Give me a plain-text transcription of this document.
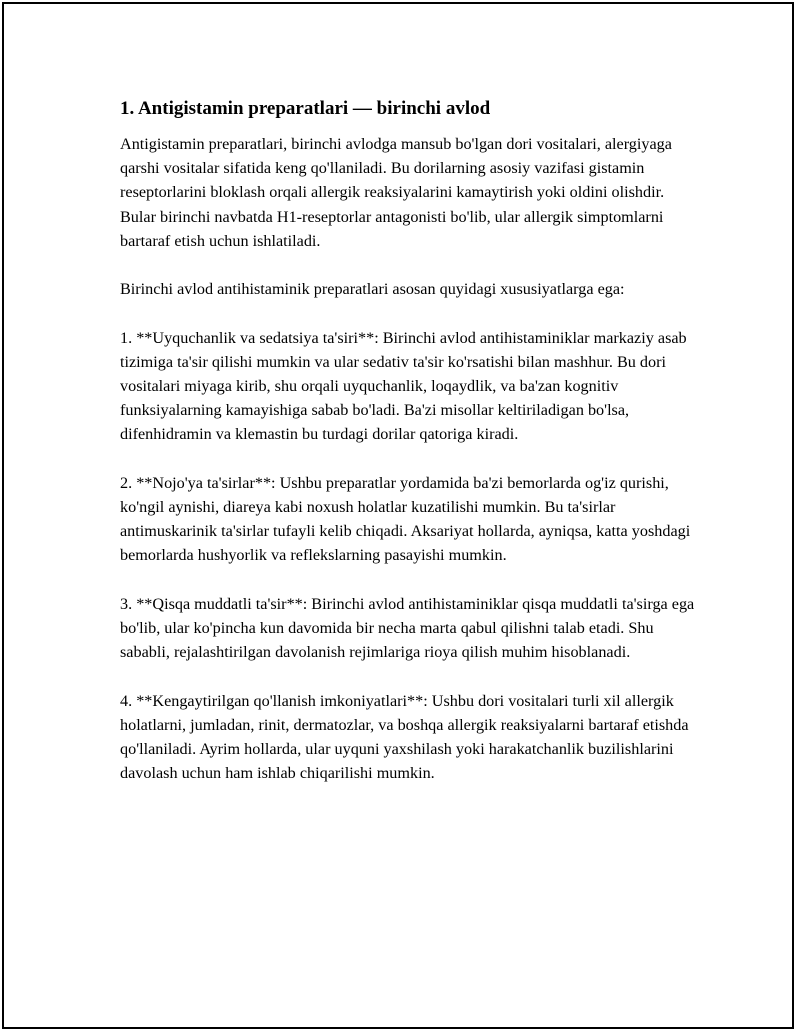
1. Antigistamin preparatlari — birinchi avlod

Antigistamin preparatlari, birinchi avlodga mansub bo'lgan dori vositalari, alergiyaga qarshi vositalar sifatida keng qo'llaniladi. Bu dorilarning asosiy vazifasi gistamin reseptorlarini bloklash orqali allergik reaksiyalarini kamaytirish yoki oldini olishdir. Bular birinchi navbatda H1-reseptorlar antagonisti bo'lib, ular allergik simptomlarni bartaraf etish uchun ishlatiladi.

Birinchi avlod antihistaminik preparatlari asosan quyidagi xususiyatlarga ega:

1. **Uyquchanlik va sedatsiya ta'siri**: Birinchi avlod antihistaminiklar markaziy asab tizimiga ta'sir qilishi mumkin va ular sedativ ta'sir ko'rsatishi bilan mashhur. Bu dori vositalari miyaga kirib, shu orqali uyquchanlik, loqaydlik, va ba'zan kognitiv funksiyalarning kamayishiga sabab bo'ladi. Ba'zi misollar keltiriladigan bo'lsa, difenhidramin va klemastin bu turdagi dorilar qatoriga kiradi.

2. **Nojo'ya ta'sirlar**: Ushbu preparatlar yordamida ba'zi bemorlarda og'iz qurishi, ko'ngil aynishi, diareya kabi noxush holatlar kuzatilishi mumkin. Bu ta'sirlar antimuskarinik ta'sirlar tufayli kelib chiqadi. Aksariyat hollarda, ayniqsa, katta yoshdagi bemorlarda hushyorlik va reflekslarning pasayishi mumkin.

3. **Qisqa muddatli ta'sir**: Birinchi avlod antihistaminiklar qisqa muddatli ta'sirga ega bo'lib, ular ko'pincha kun davomida bir necha marta qabul qilishni talab etadi. Shu sababli, rejalashtirilgan davolanish rejimlariga rioya qilish muhim hisoblanadi.

4. **Kengaytirilgan qo'llanish imkoniyatlari**: Ushbu dori vositalari turli xil allergik holatlarni, jumladan, rinit, dermatozlar, va boshqa allergik reaksiyalarni bartaraf etishda qo'llaniladi. Ayrim hollarda, ular uyquni yaxshilash yoki harakatchanlik buzilishlarini davolash uchun ham ishlab chiqarilishi mumkin.
